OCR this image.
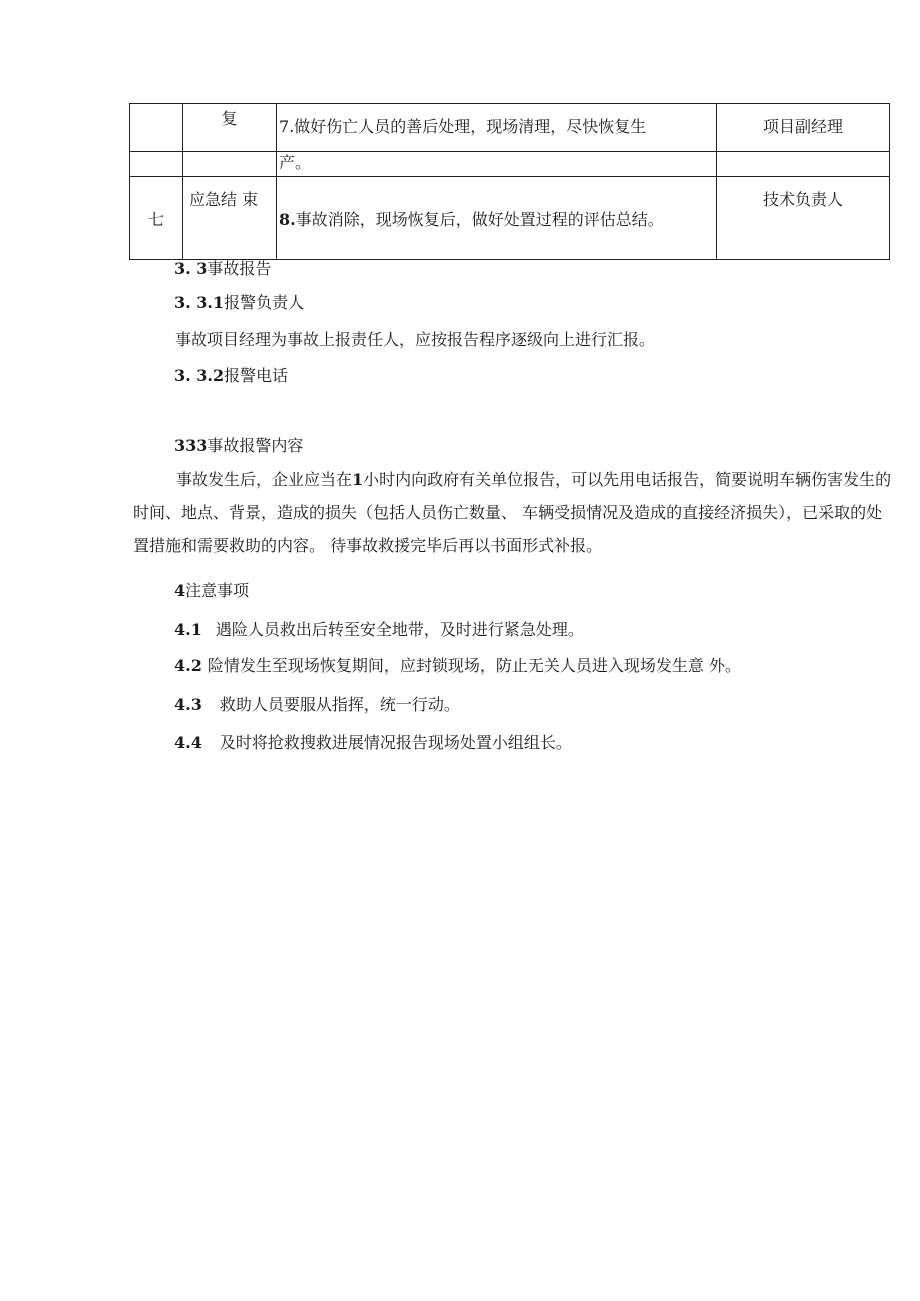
	复	7.做好伤亡人员的善后处理，现场清理，尽快恢复生	项目副经理
		产。	
七	应急结 束	8.事故消除，现场恢复后，做好处置过程的评估总结。	技术负责人
3. 3事故报告
3. 3.1报警负责人
事故项目经理为事故上报责任人，应按报告程序逐级向上进行汇报。
3. 3.2报警电话
333事故报警内容
事故发生后，企业应当在1小时内向政府有关单位报告，可以先用电话报告，简要说明车辆伤害发生的时间、地点、背景，造成的损失（包括人员伤亡数量、 车辆受损情况及造成的直接经济损失），已采取的处置措施和需要救助的内容。 待事故救援完毕后再以书面形式补报。
4注意事项
4.1 遇险人员救出后转至安全地带，及时进行紧急处理。
4.2 险情发生至现场恢复期间，应封锁现场，防止无关人员进入现场发生意 外。
4.3 救助人员要服从指挥，统一行动。
4.4 及时将抢救搜救进展情况报告现场处置小组组长。
